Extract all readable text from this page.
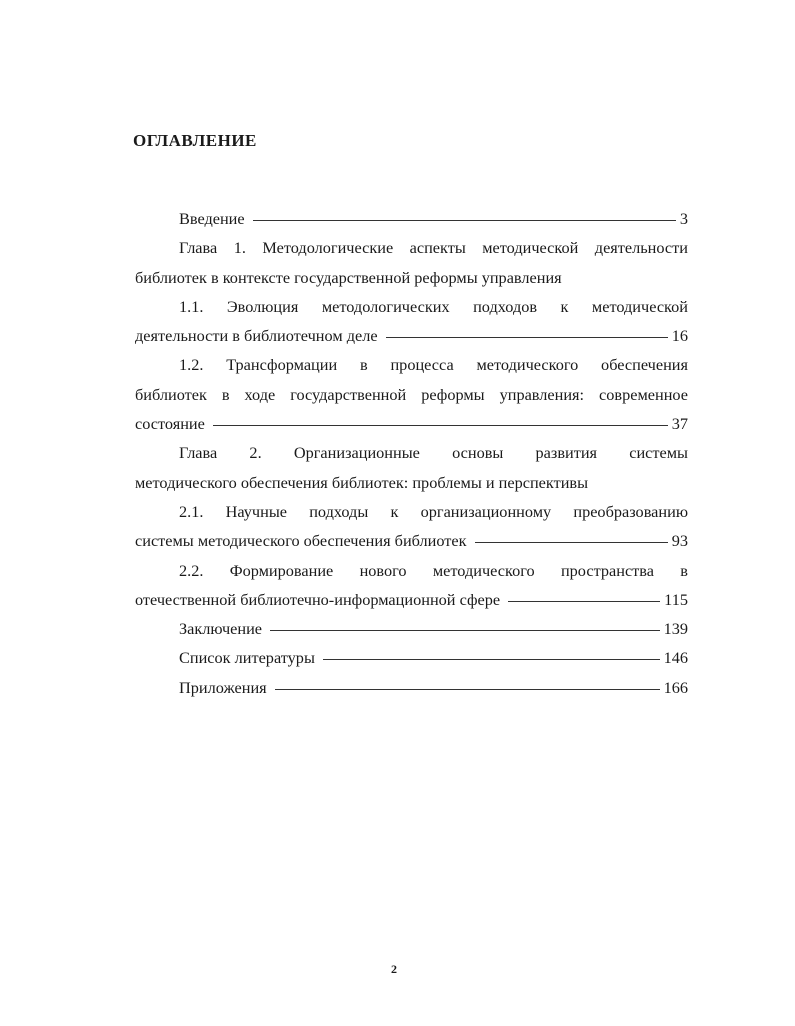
ОГЛАВЛЕНИЕ
Введение	3
Глава 1. Методологические аспекты методической деятельности
библиотек в контексте государственной реформы управления
1.1. Эволюция методологических подходов к методической
деятельности в библиотечном деле	16
1.2. Трансформации в процесса методического обеспечения
библиотек в ходе государственной реформы управления: современное
состояние	37
Глава 2. Организационные основы развития системы
методического обеспечения библиотек: проблемы и перспективы
2.1. Научные подходы к организационному преобразованию
системы методического обеспечения библиотек	93
2.2. Формирование нового методического пространства в
отечественной библиотечно-информационной сфере	115
Заключение	139
Список литературы	146
Приложения	166
2
